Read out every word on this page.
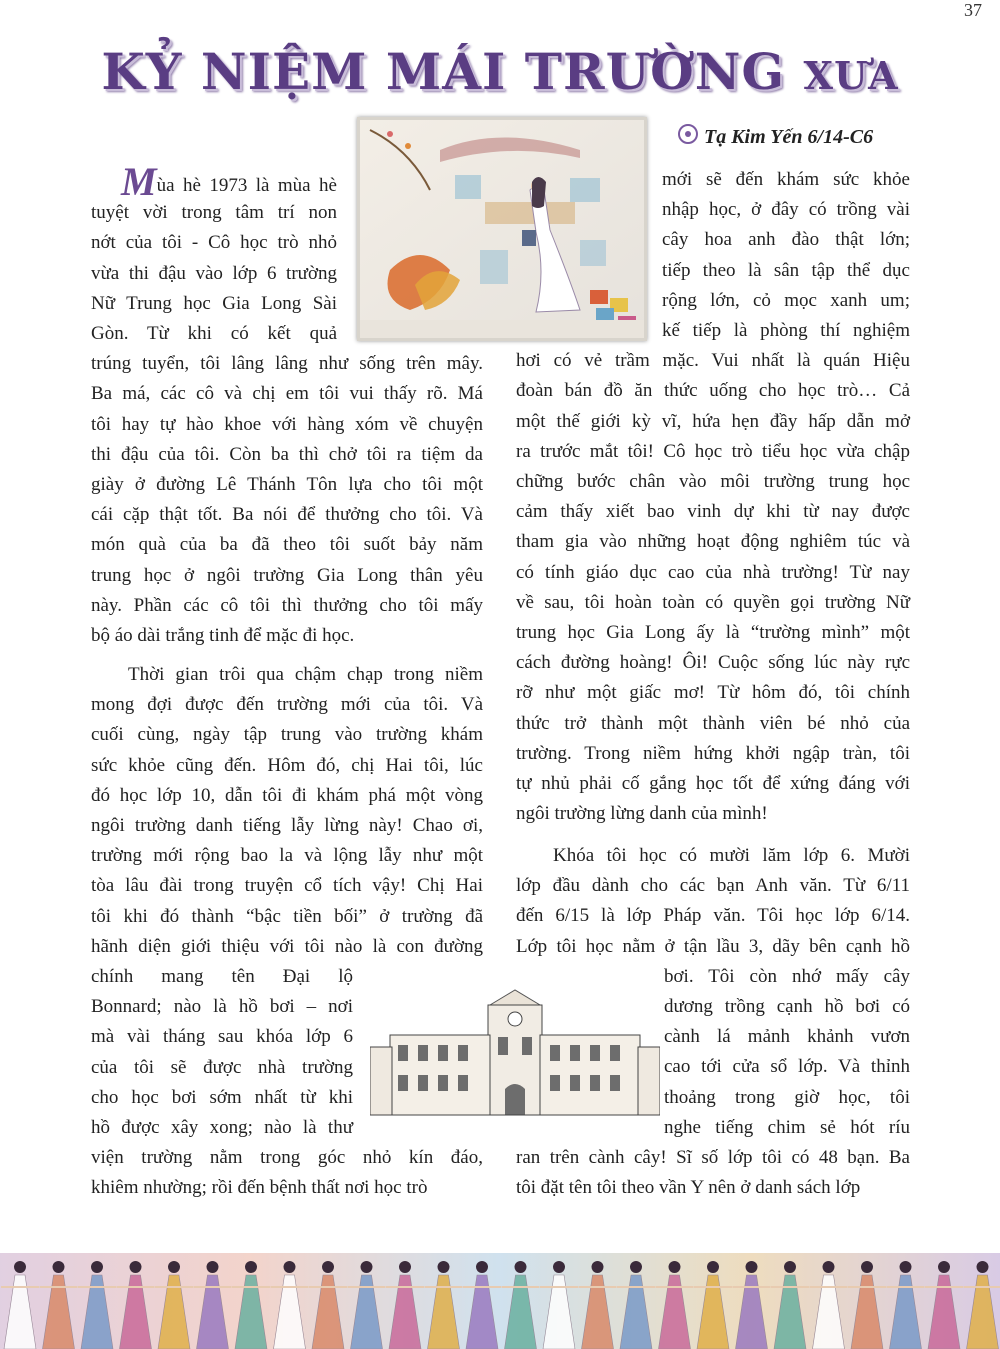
37
KỶ NIỆM MÁI TRƯỜNG XƯA
Tạ Kim Yến 6/14-C6
Mùa hè 1973 là mùa hè
tuyệt vời trong tâm trí non
nớt của tôi - Cô học trò nhỏ
vừa thi đậu vào lớp 6 trường
Nữ Trung học Gia Long Sài
Gòn. Từ khi có kết quả
trúng tuyển, tôi lâng lâng như sống trên mây.
Ba má, các cô và chị em tôi vui thấy rõ. Má
tôi hay tự hào khoe với hàng xóm về chuyện
thi đậu của tôi. Còn ba thì chở tôi ra tiệm da
giày ở đường Lê Thánh Tôn lựa cho tôi một
cái cặp thật tốt. Ba nói để thưởng cho tôi. Và
món quà của ba đã theo tôi suốt bảy năm
trung học ở ngôi trường Gia Long thân yêu
này. Phần các cô tôi thì thưởng cho tôi mấy
bộ áo dài trắng tinh để mặc đi học.
Thời gian trôi qua chậm chạp trong niềm
mong đợi được đến trường mới của tôi. Và
cuối cùng, ngày tập trung vào trường khám
sức khỏe cũng đến. Hôm đó, chị Hai tôi, lúc
đó học lớp 10, dẫn tôi đi khám phá một vòng
ngôi trường danh tiếng lẫy lừng này! Chao ơi,
trường mới rộng bao la và lộng lẫy như một
tòa lâu đài trong truyện cổ tích vậy! Chị Hai
tôi khi đó thành “bậc tiền bối” ở trường đã
hãnh diện giới thiệu với tôi nào là con đường
chính mang tên Đại lộ
Bonnard; nào là hồ bơi – nơi
mà vài tháng sau khóa lớp 6
của tôi sẽ được nhà trường
cho học bơi sớm nhất từ khi
hồ được xây xong; nào là thư
viện trường nằm trong góc nhỏ kín đáo,
khiêm nhường; rồi đến bệnh thất nơi học trò
mới sẽ đến khám sức khỏe
nhập học, ở đây có trồng vài
cây hoa anh đào thật lớn;
tiếp theo là sân tập thể dục
rộng lớn, cỏ mọc xanh um;
kế tiếp là phòng thí nghiệm
hơi có vẻ trầm mặc. Vui nhất là quán Hiệu
đoàn bán đồ ăn thức uống cho học trò… Cả
một thế giới kỳ vĩ, hứa hẹn đầy hấp dẫn mở
ra trước mắt tôi! Cô học trò tiểu học vừa chập
chững bước chân vào môi trường trung học
cảm thấy xiết bao vinh dự khi từ nay được
tham gia vào những hoạt động nghiêm túc và
có tính giáo dục cao của nhà trường! Từ nay
về sau, tôi hoàn toàn có quyền gọi trường Nữ
trung học Gia Long ấy là “trường mình” một
cách đường hoàng! Ôi! Cuộc sống lúc này rực
rỡ như một giấc mơ! Từ hôm đó, tôi chính
thức trở thành một thành viên bé nhỏ của
trường. Trong niềm hứng khởi ngập tràn, tôi
tự nhủ phải cố gắng học tốt để xứng đáng với
ngôi trường lừng danh của mình!
Khóa tôi học có mười lăm lớp 6. Mười
lớp đầu dành cho các bạn Anh văn. Từ 6/11
đến 6/15 là lớp Pháp văn. Tôi học lớp 6/14.
Lớp tôi học nằm ở tận lầu 3, dãy bên cạnh hồ
bơi. Tôi còn nhớ mấy cây
dương trồng cạnh hồ bơi có
cành lá mảnh khảnh vươn
cao tới cửa sổ lớp. Và thỉnh
thoảng trong giờ học, tôi
nghe tiếng chim sẻ hót ríu
ran trên cành cây! Sĩ số lớp tôi có 48 bạn. Ba
tôi đặt tên tôi theo vần Y nên ở danh sách lớp
